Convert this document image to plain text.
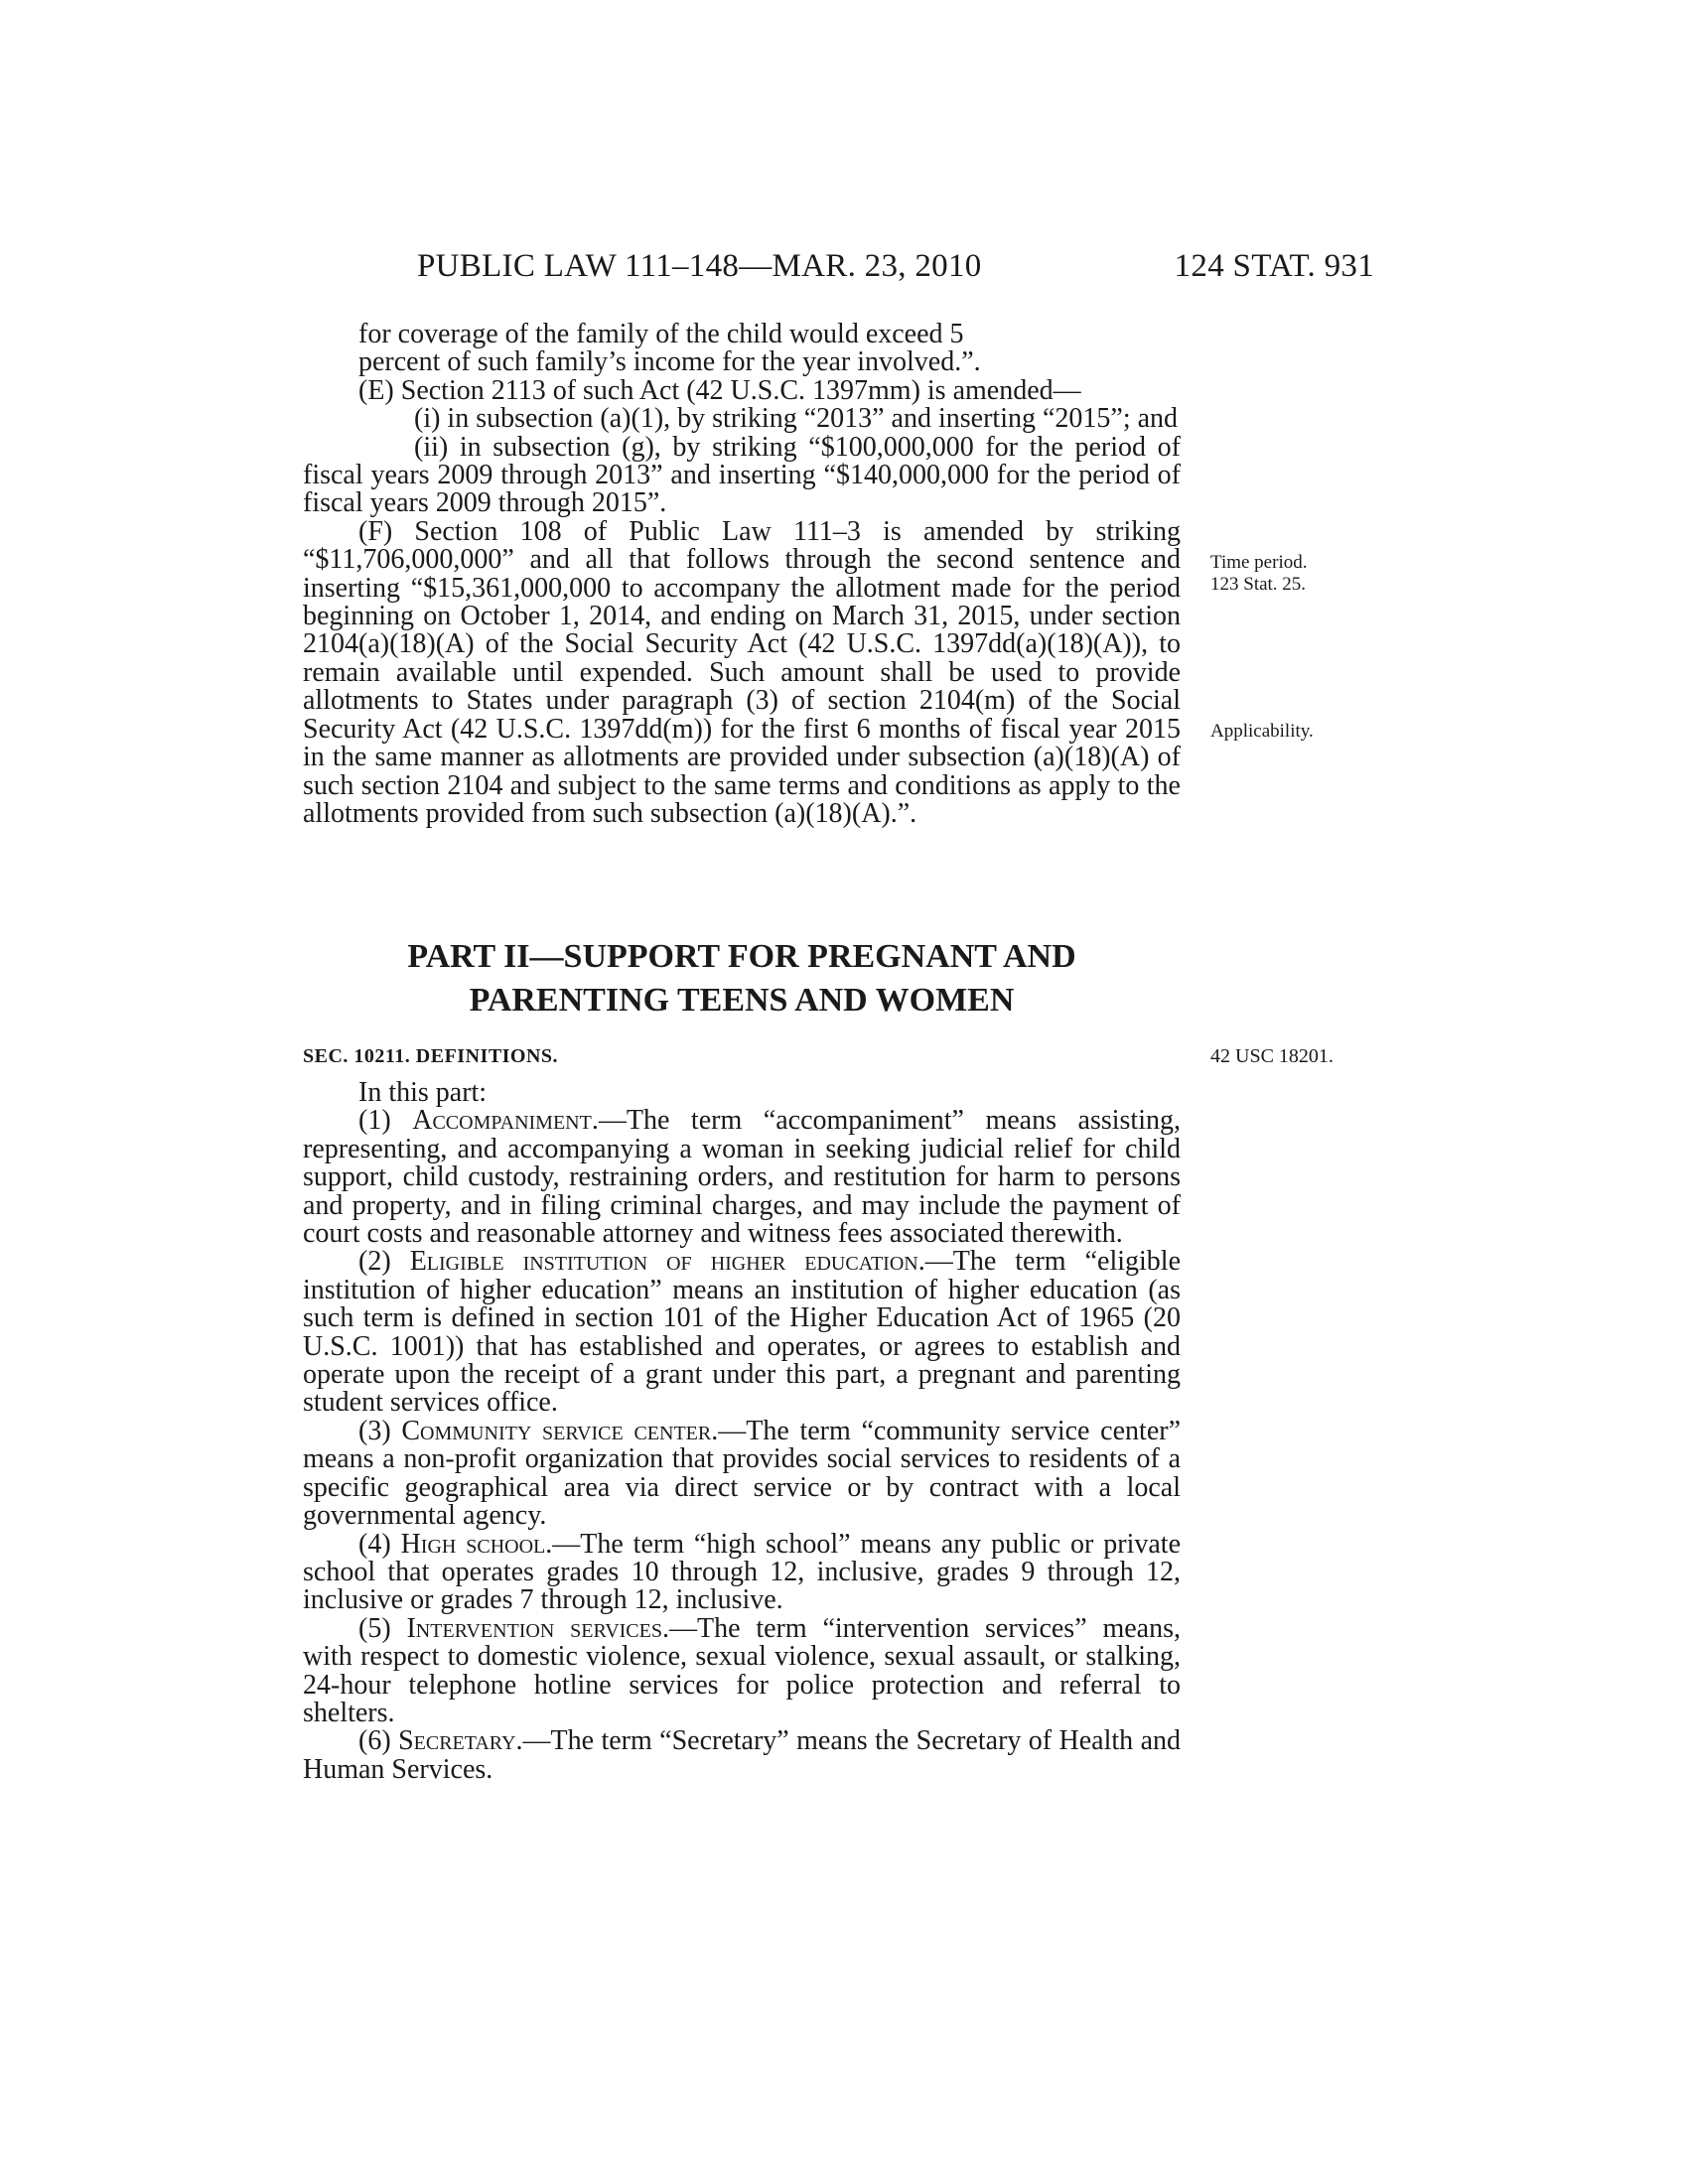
PUBLIC LAW 111–148—MAR. 23, 2010	124 STAT. 931

for coverage of the family of the child would exceed 5

percent of such family’s income for the year involved.”.

(E) Section 2113 of such Act (42 U.S.C. 1397mm) is amended—

(i) in subsection (a)(1), by striking “2013” and inserting “2015”; and

(ii) in subsection (g), by striking “$100,000,000 for the period of fiscal years 2009 through 2013” and inserting “$140,000,000 for the period of fiscal years 2009 through 2015”.

(F) Section 108 of Public Law 111–3 is amended by striking “$11,706,000,000” and all that follows through the second sentence and inserting “$15,361,000,000 to accompany the allotment made for the period beginning on October 1, 2014, and ending on March 31, 2015, under section 2104(a)(18)(A) of the Social Security Act (42 U.S.C. 1397dd(a)(18)(A)), to remain available until expended. Such amount shall be used to provide allotments to States under paragraph (3) of section 2104(m) of the Social Security Act (42 U.S.C. 1397dd(m)) for the first 6 months of fiscal year 2015 in the same manner as allotments are provided under subsection (a)(18)(A) of such section 2104 and subject to the same terms and conditions as apply to the allotments provided from such subsection (a)(18)(A).”.

Time period.
123 Stat. 25.
Applicability.
PART II—SUPPORT FOR PREGNANT AND
PARENTING TEENS AND WOMEN
SEC. 10211. DEFINITIONS.	42 USC 18201.

In this part:

(1) Accompaniment.—The term “accompaniment” means assisting, representing, and accompanying a woman in seeking judicial relief for child support, child custody, restraining orders, and restitution for harm to persons and property, and in filing criminal charges, and may include the payment of court costs and reasonable attorney and witness fees associated therewith.

(2) Eligible institution of higher education.—The term “eligible institution of higher education” means an institution of higher education (as such term is defined in section 101 of the Higher Education Act of 1965 (20 U.S.C. 1001)) that has established and operates, or agrees to establish and operate upon the receipt of a grant under this part, a pregnant and parenting student services office.

(3) Community service center.—The term “community service center” means a non-profit organization that provides social services to residents of a specific geographical area via direct service or by contract with a local governmental agency.

(4) High school.—The term “high school” means any public or private school that operates grades 10 through 12, inclusive, grades 9 through 12, inclusive or grades 7 through 12, inclusive.

(5) Intervention services.—The term “intervention services” means, with respect to domestic violence, sexual violence, sexual assault, or stalking, 24-hour telephone hotline services for police protection and referral to shelters.

(6) Secretary.—The term “Secretary” means the Secretary of Health and Human Services.
